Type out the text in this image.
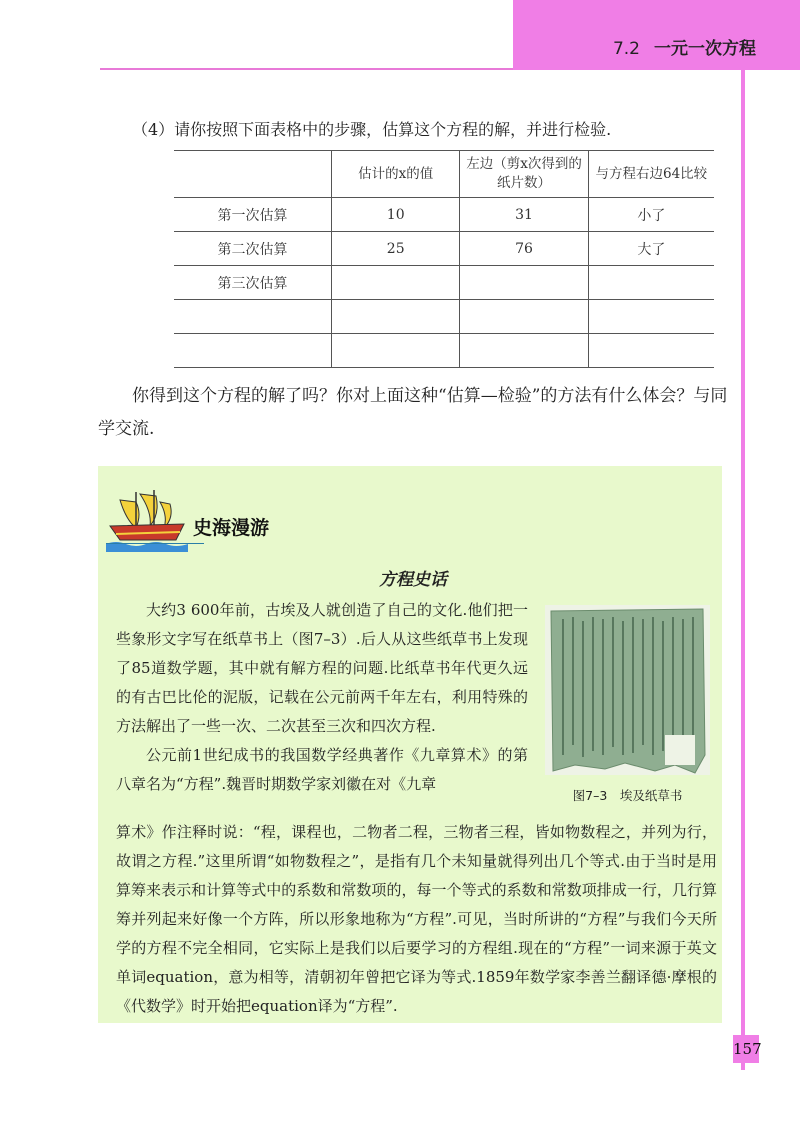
7.2 一元一次方程
（4）请你按照下面表格中的步骤，估算这个方程的解，并进行检验.
	估计的x的值	左边（剪x次得到的纸片数）	与方程右边64比较
第一次估算	10	31	小了
第二次估算	25	76	大了
第三次估算			

你得到这个方程的解了吗？你对上面这种“估算—检验”的方法有什么体会？与同学交流.
史海漫游
方程史话
大约3 600年前，古埃及人就创造了自己的文化.他们把一些象形文字写在纸草书上（图7–3）.后人从这些纸草书上发现了85道数学题，其中就有解方程的问题.比纸草书年代更久远的有古巴比伦的泥版，记载在公元前两千年左右，利用特殊的方法解出了一些一次、二次甚至三次和四次方程.
公元前1世纪成书的我国数学经典著作《九章算术》的第八章名为“方程”.魏晋时期数学家刘徽在对《九章
图7–3　埃及纸草书
算术》作注释时说：“程，课程也，二物者二程，三物者三程，皆如物数程之，并列为行，故谓之方程.”这里所谓“如物数程之”，是指有几个未知量就得列出几个等式.由于当时是用算筹来表示和计算等式中的系数和常数项的，每一个等式的系数和常数项排成一行，几行算筹并列起来好像一个方阵，所以形象地称为“方程”.可见，当时所讲的“方程”与我们今天所学的方程不完全相同，它实际上是我们以后要学习的方程组.现在的“方程”一词来源于英文单词equation，意为相等，清朝初年曾把它译为等式.1859年数学家李善兰翻译德·摩根的《代数学》时开始把equation译为“方程”.
157
